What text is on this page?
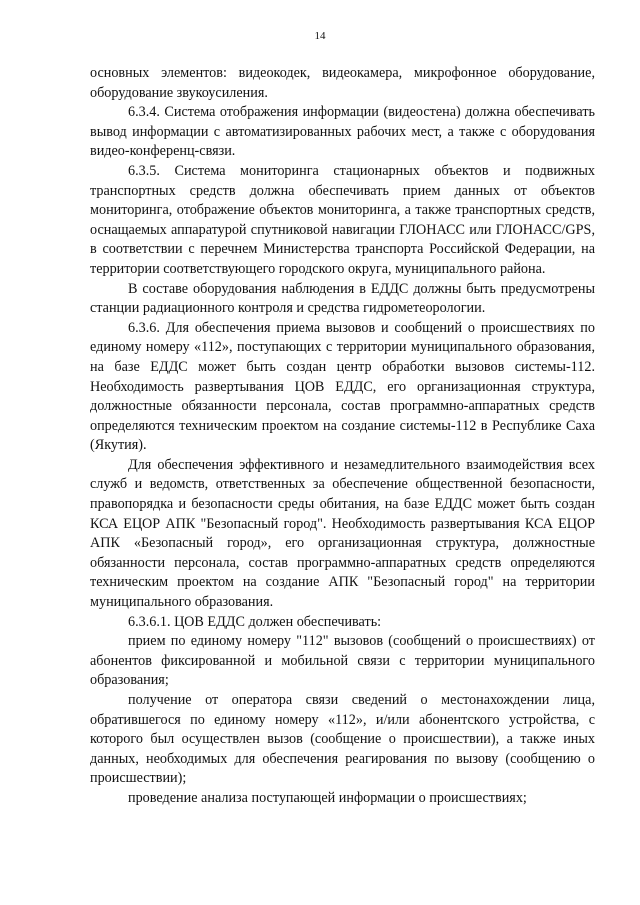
14

основных элементов: видеокодек, видеокамера, микрофонное оборудование, оборудование звукоусиления.

6.3.4. Система отображения информации (видеостена) должна обеспечивать вывод информации с автоматизированных рабочих мест, а также с оборудования видео-конференц-связи.

6.3.5. Система мониторинга стационарных объектов и подвижных транспортных средств должна обеспечивать прием данных от объектов мониторинга, отображение объектов мониторинга, а также транспортных средств, оснащаемых аппаратурой спутниковой навигации ГЛОНАСС или ГЛОНАСС/GPS, в соответствии с перечнем Министерства транспорта Российской Федерации, на территории соответствующего городского округа, муниципального района.

В составе оборудования наблюдения в ЕДДС должны быть предусмотрены станции радиационного контроля и средства гидрометеорологии.

6.3.6. Для обеспечения приема вызовов и сообщений о происшествиях по единому номеру «112», поступающих с территории муниципального образования, на базе ЕДДС может быть создан центр обработки вызовов системы-112. Необходимость развертывания ЦОВ ЕДДС, его организационная структура, должностные обязанности персонала, состав программно-аппаратных средств определяются техническим проектом на создание системы-112 в Республике Саха (Якутия).

Для обеспечения эффективного и незамедлительного взаимодействия всех служб и ведомств, ответственных за обеспечение общественной безопасности, правопорядка и безопасности среды обитания, на базе ЕДДС может быть создан КСА ЕЦОР АПК "Безопасный город". Необходимость развертывания КСА ЕЦОР АПК «Безопасный город», его организационная структура, должностные обязанности персонала, состав программно-аппаратных средств определяются техническим проектом на создание АПК "Безопасный город" на территории муниципального образования.

6.3.6.1. ЦОВ ЕДДС должен обеспечивать:

прием по единому номеру "112" вызовов (сообщений о происшествиях) от абонентов фиксированной и мобильной связи с территории муниципального образования;

получение от оператора связи сведений о местонахождении лица, обратившегося по единому номеру «112», и/или абонентского устройства, с которого был осуществлен вызов (сообщение о происшествии), а также иных данных, необходимых для обеспечения реагирования по вызову (сообщению о происшествии);

проведение анализа поступающей информации о происшествиях;
